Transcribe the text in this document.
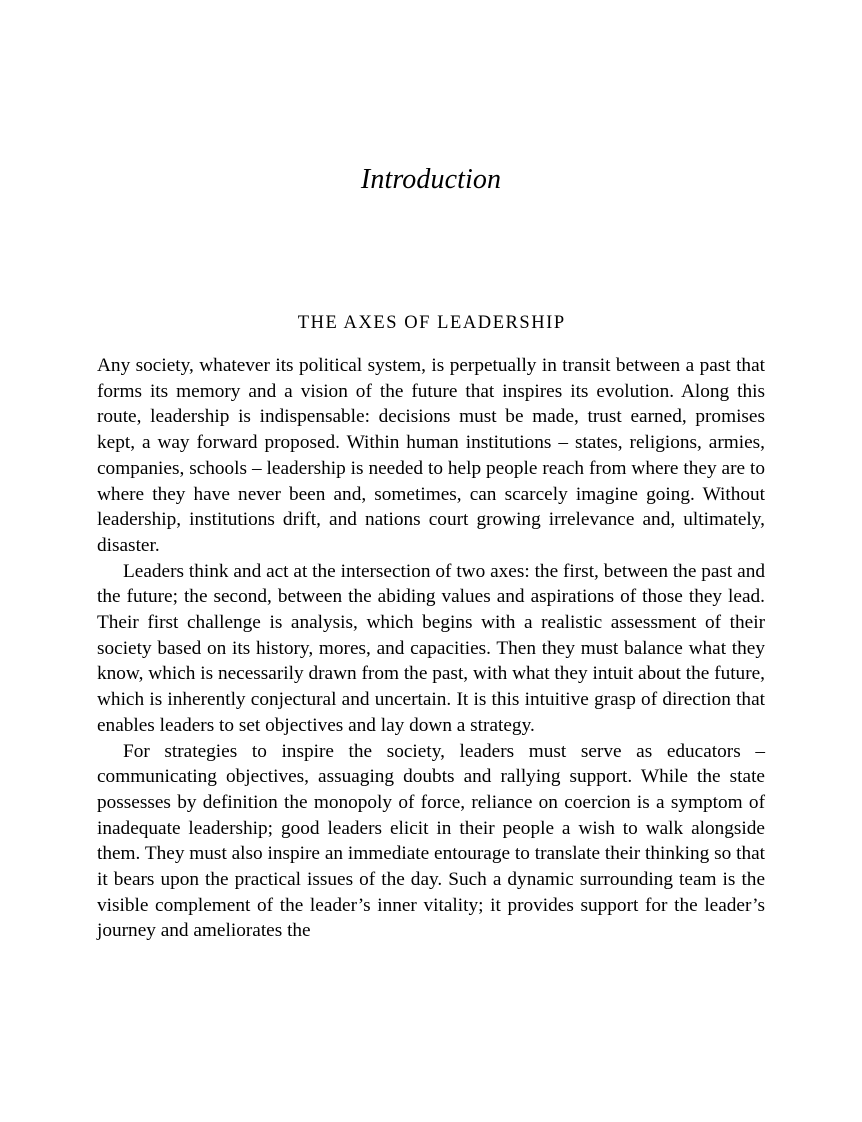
Introduction
THE AXES OF LEADERSHIP

Any society, whatever its political system, is perpetually in transit between a past that forms its memory and a vision of the future that inspires its evolution. Along this route, leadership is indispensable: decisions must be made, trust earned, promises kept, a way forward proposed. Within human institutions – states, religions, armies, companies, schools – leadership is needed to help people reach from where they are to where they have never been and, sometimes, can scarcely imagine going. Without leadership, institutions drift, and nations court growing irrelevance and, ultimately, disaster.

Leaders think and act at the intersection of two axes: the first, between the past and the future; the second, between the abiding values and aspirations of those they lead. Their first challenge is analysis, which begins with a realistic assessment of their society based on its history, mores, and capacities. Then they must balance what they know, which is necessarily drawn from the past, with what they intuit about the future, which is inherently conjectural and uncertain. It is this intuitive grasp of direction that enables leaders to set objectives and lay down a strategy.

For strategies to inspire the society, leaders must serve as educators – communicating objectives, assuaging doubts and rallying support. While the state possesses by definition the monopoly of force, reliance on coercion is a symptom of inadequate leadership; good leaders elicit in their people a wish to walk alongside them. They must also inspire an immediate entourage to translate their thinking so that it bears upon the practical issues of the day. Such a dynamic surrounding team is the visible complement of the leader’s inner vitality; it provides support for the leader’s journey and ameliorates the
